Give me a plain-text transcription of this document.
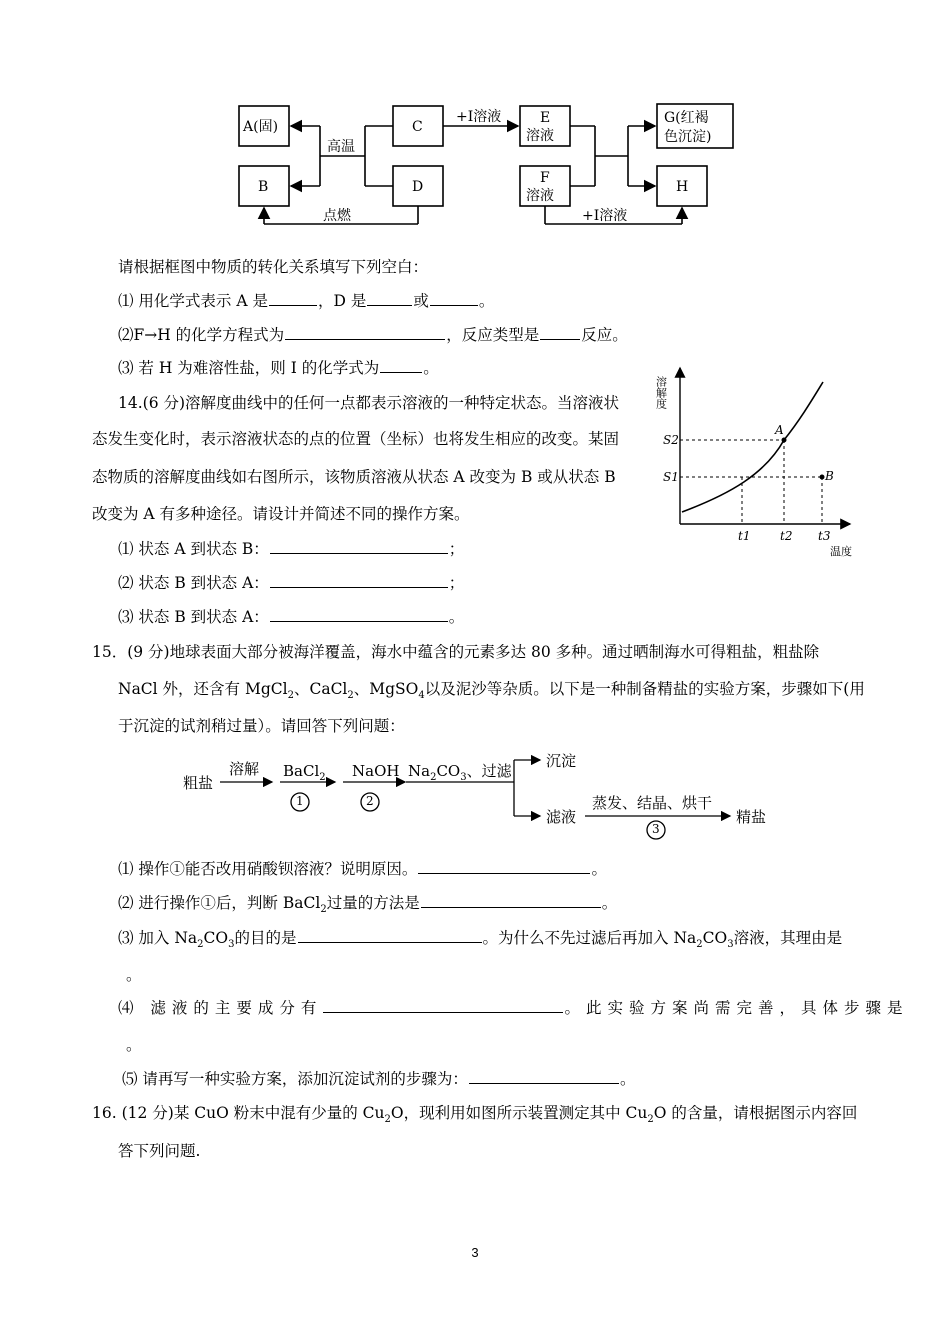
A(固)
B
C
D
E
溶液
F
溶液
G(红褐
色沉淀)
H
高温
点燃
+I溶液
+I溶液
请根据框图中物质的转化关系填写下列空白：
⑴ 用化学式表示 A 是	，D 是	或	。
⑵F→H 的化学方程式为	，反应类型是	反应。
⑶ 若 H 为难溶性盐，则 I 的化学式为	。
14.(6 分)溶解度曲线中的任何一点都表示溶液的一种特定状态。当溶液状
态发生变化时，表示溶液状态的点的位置（坐标）也将发生相应的改变。某固
态物质的溶解度曲线如右图所示，该物质溶液从状态 A 改变为 B 或从状态 B
改变为 A 有多种途径。请设计并简述不同的操作方案。
⑴ 状态 A 到状态 B：	；
⑵ 状态 B 到状态 A：	；
⑶ 状态 B 到状态 A：	。
A
B
S2
S1
t1 t2 t3
溶解度
温度
15．(9 分)地球表面大部分被海洋覆盖，海水中蕴含的元素多达 80 多种。通过晒制海水可得粗盐，粗盐除
NaCl 外，还含有 MgCl$_2$、CaCl$_2$、MgSO$_4$以及泥沙等杂质。以下是一种制备精盐的实验方案，步骤如下(用
于沉淀的试剂稍过量）。请回答下列问题：
粗盐
溶解 BaCl$_2$ NaOH $Na_2CO_3$、过滤
沉淀
滤液
蒸发、结晶、烘干
精盐
⑴ 操作①能否改用硝酸钡溶液？说明原因。	。
⑵ 进行操作①后，判断 BaCl$_2$过量的方法是	。
⑶ 加入 $Na_2CO_3$的目的是	。为什么不先过滤后再加入 $Na_2CO_3$溶液，其理由是
。
⑷ 滤液的主要成分有	。此实验方案尚需完善，具体步骤是
。
⑸ 请再写一种实验方案，添加沉淀试剂的步骤为：	。
16. (12 分)某 CuO 粉末中混有少量的 $Cu_2O$，现利用如图所示装置测定其中 $Cu_2O$ 的含量，请根据图示内容回
答下列问题.
3
1	2
3
